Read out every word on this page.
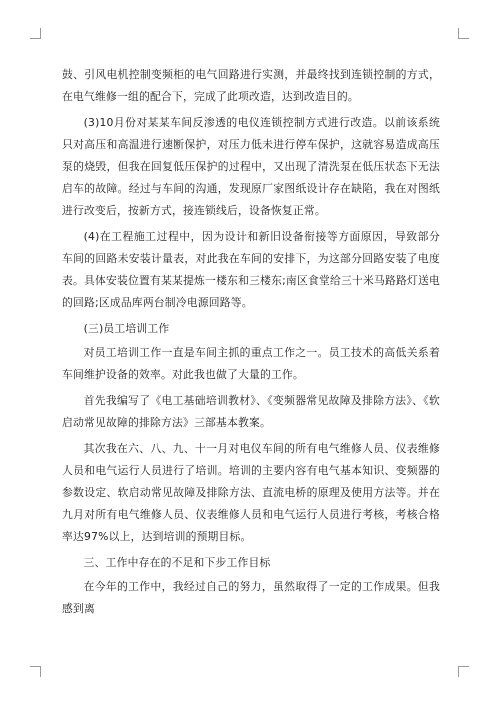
鼓、引风电机控制变频柜的电气回路进行实测，并最终找到连锁控制的方式，在电气维修一组的配合下，完成了此项改造，达到改造目的。

(3)10月份对某某车间反渗透的电仪连锁控制方式进行改造。以前该系统只对高压和高温进行速断保护，对压力低未进行停车保护，这就容易造成高压泵的烧毁，但我在回复低压保护的过程中，又出现了清洗泵在低压状态下无法启车的故障。经过与车间的沟通，发现原厂家图纸设计存在缺陷，我在对图纸进行改变后，按新方式，接连锁线后，设备恢复正常。

(4)在工程施工过程中，因为设计和新旧设备衔接等方面原因，导致部分车间的回路未安装计量表，对此我在车间的安排下，为这部分回路安装了电度表。具体安装位置有某某提炼一楼东和三楼东;南区食堂给三十米马路路灯送电的回路;区成品库两台制冷电源回路等。

(三)员工培训工作

对员工培训工作一直是车间主抓的重点工作之一。员工技术的高低关系着车间维护设备的效率。对此我也做了大量的工作。

首先我编写了《电工基础培训教材》、《变频器常见故障及排除方法》、《软启动常见故障的排除方法》三部基本教案。

其次我在六、八、九、十一月对电仪车间的所有电气维修人员、仪表维修人员和电气运行人员进行了培训。培训的主要内容有电气基本知识、变频器的参数设定、软启动常见故障及排除方法、直流电桥的原理及使用方法等。并在九月对所有电气维修人员、仪表维修人员和电气运行人员进行考核，考核合格率达97%以上，达到培训的预期目标。

三、工作中存在的不足和下步工作目标

在今年的工作中，我经过自己的努力，虽然取得了一定的工作成果。但我感到离
